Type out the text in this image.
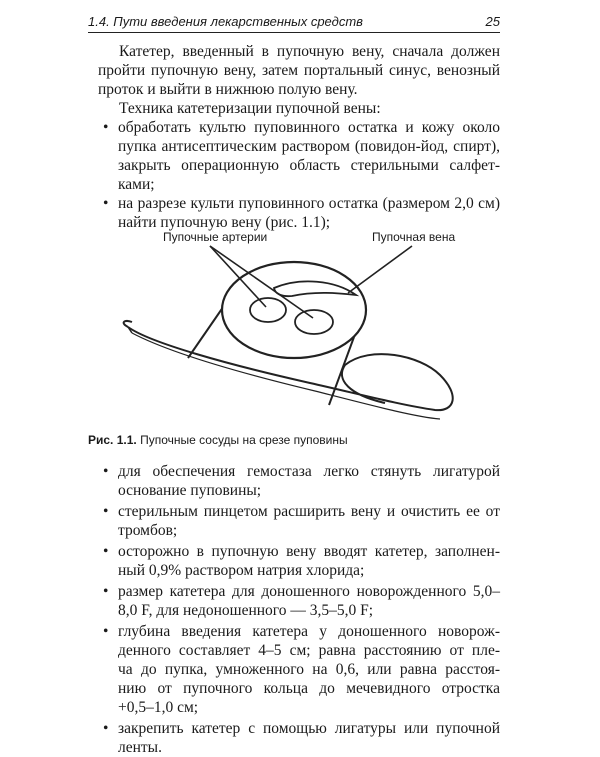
1.4. Пути введения лекарственных средств	25
Катетер, введенный в пупочную вену, сначала должен
пройти пупочную вену, затем портальный синус, венозный
проток и выйти в нижнюю полую вену.
Техника катетеризации пупочной вены:
• обработать культю пуповинного остатка и кожу около
пупка антисептическим раствором (повидон-йод, спирт),
закрыть операционную область стерильными салфет-
ками;
• на разрезе культи пуповинного остатка (размером 2,0 см)
найти пупочную вену (рис. 1.1);
Пупочные артерии	Пупочная вена
Рис. 1.1. Пупочные сосуды на срезе пуповины
• для обеспечения гемостаза легко стянуть лигатурой
основание пуповины;
• стерильным пинцетом расширить вену и очистить ее от
тромбов;
• осторожно в пупочную вену вводят катетер, заполнен-
ный 0,9% раствором натрия хлорида;
• размер катетера для доношенного новорожденного 5,0–
8,0 F, для недоношенного — 3,5–5,0 F;
• глубина введения катетера у доношенного новорож-
денного составляет 4–5 см; равна расстоянию от пле-
ча до пупка, умноженного на 0,6, или равна расстоя-
нию от пупочного кольца до мечевидного отростка
+0,5–1,0 см;
• закрепить катетер с помощью лигатуры или пупочной
ленты.
